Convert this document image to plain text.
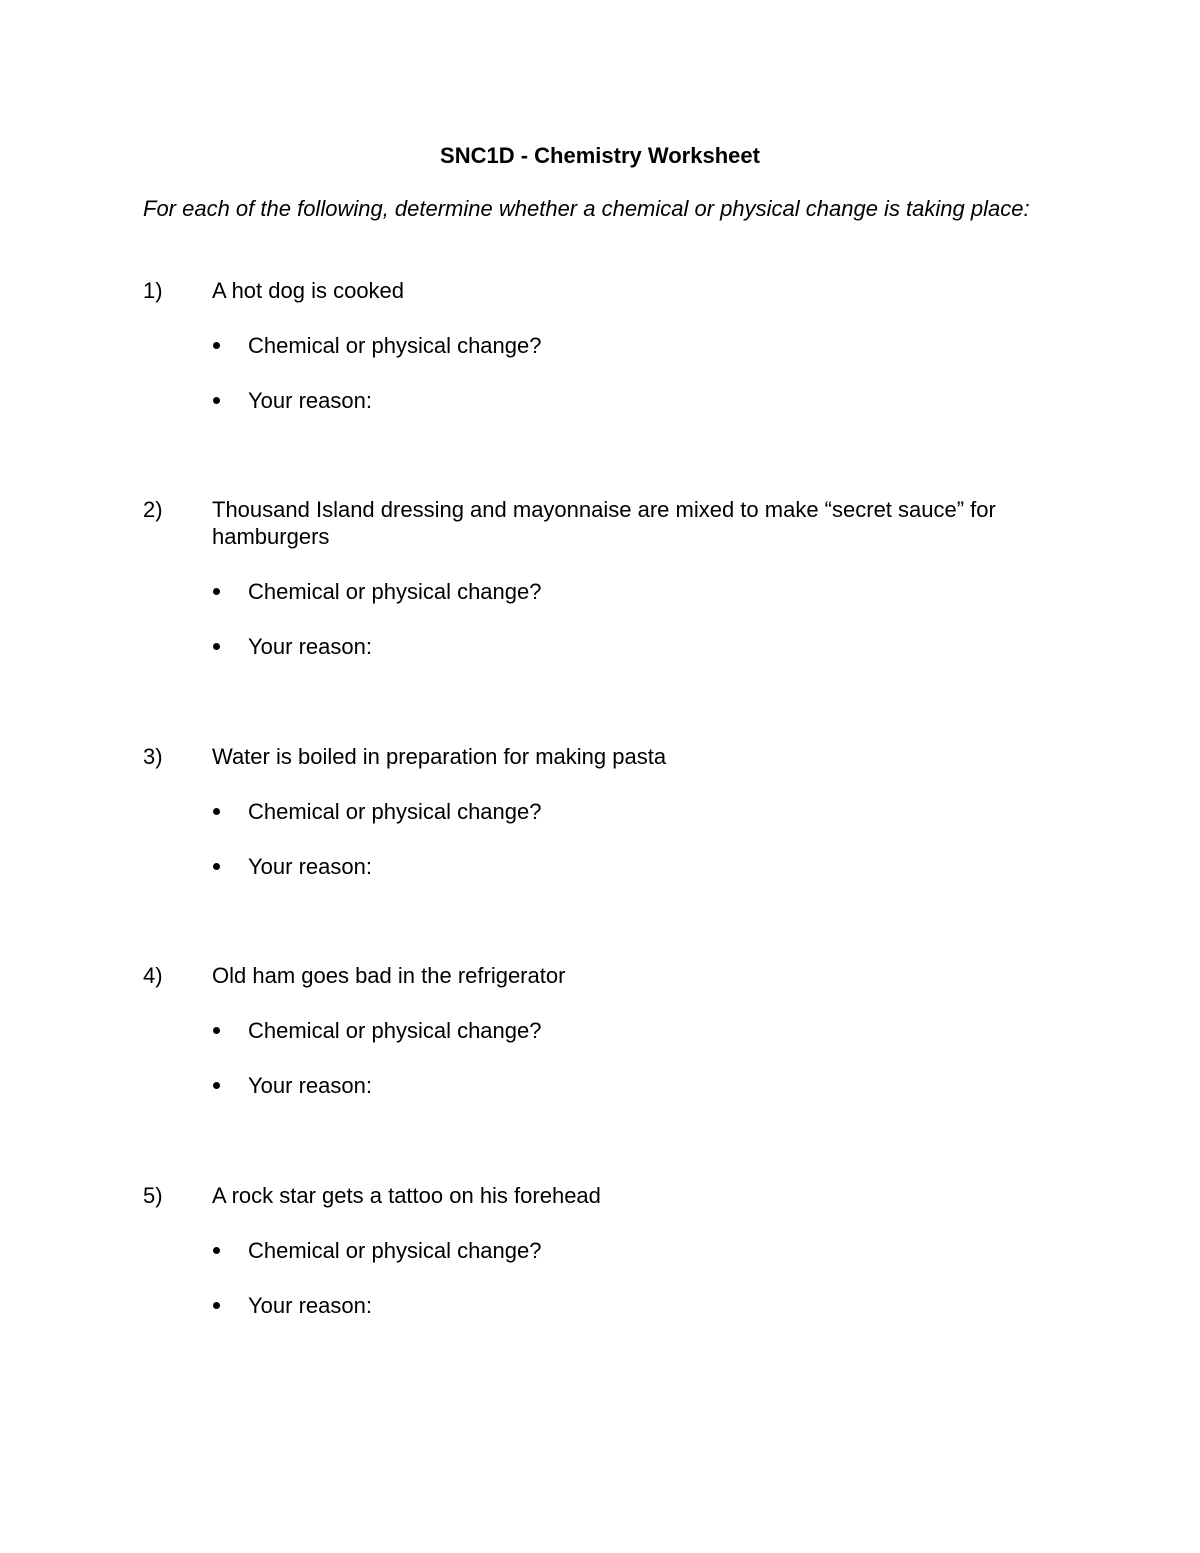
SNC1D - Chemistry Worksheet
For each of the following, determine whether a chemical or physical change is taking place:
1)	A hot dog is cooked
Chemical or physical change?
Your reason:
2)	Thousand Island dressing and mayonnaise are mixed to make “secret sauce” for hamburgers
Chemical or physical change?
Your reason:
3)	Water is boiled in preparation for making pasta
Chemical or physical change?
Your reason:
4)	Old ham goes bad in the refrigerator
Chemical or physical change?
Your reason:
5)	A rock star gets a tattoo on his forehead
Chemical or physical change?
Your reason:
